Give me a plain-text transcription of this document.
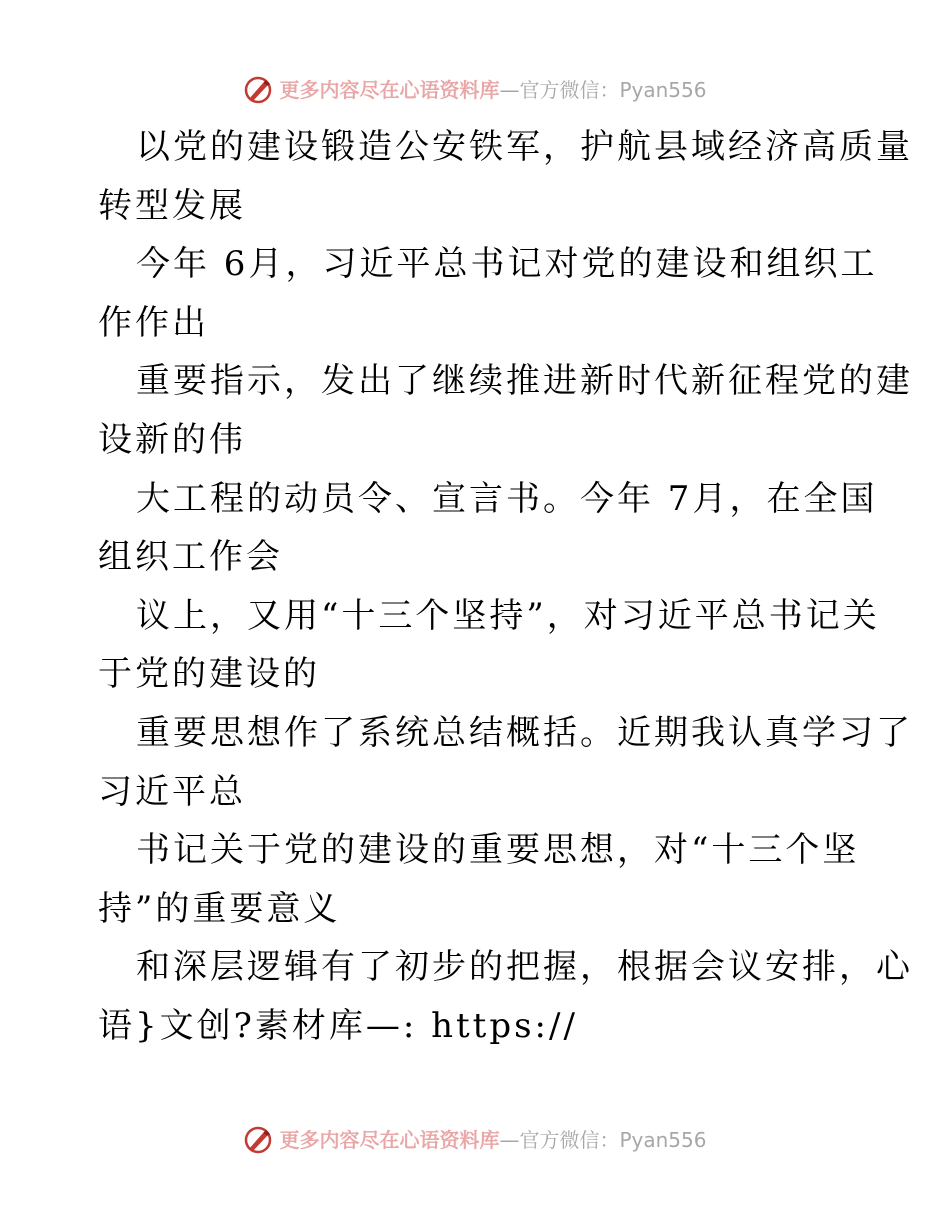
更多内容尽在心语资料库—官方微信：Pyan556
以党的建设锻造公安铁军，护航县域经济高质量
转型发展
今年 6月，习近平总书记对党的建设和组织工
作作出
重要指示，发出了继续推进新时代新征程党的建
设新的伟
大工程的动员令、宣言书。今年 7月，在全国
组织工作会
议上，又用“十三个坚持”，对习近平总书记关
于党的建设的
重要思想作了系统总结概括。近期我认真学习了
习近平总
书记关于党的建设的重要思想，对“十三个坚
持”的重要意义
和深层逻辑有了初步的把握，根据会议安排，心
语}文创?素材库—: https://
更多内容尽在心语资料库—官方微信：Pyan556
